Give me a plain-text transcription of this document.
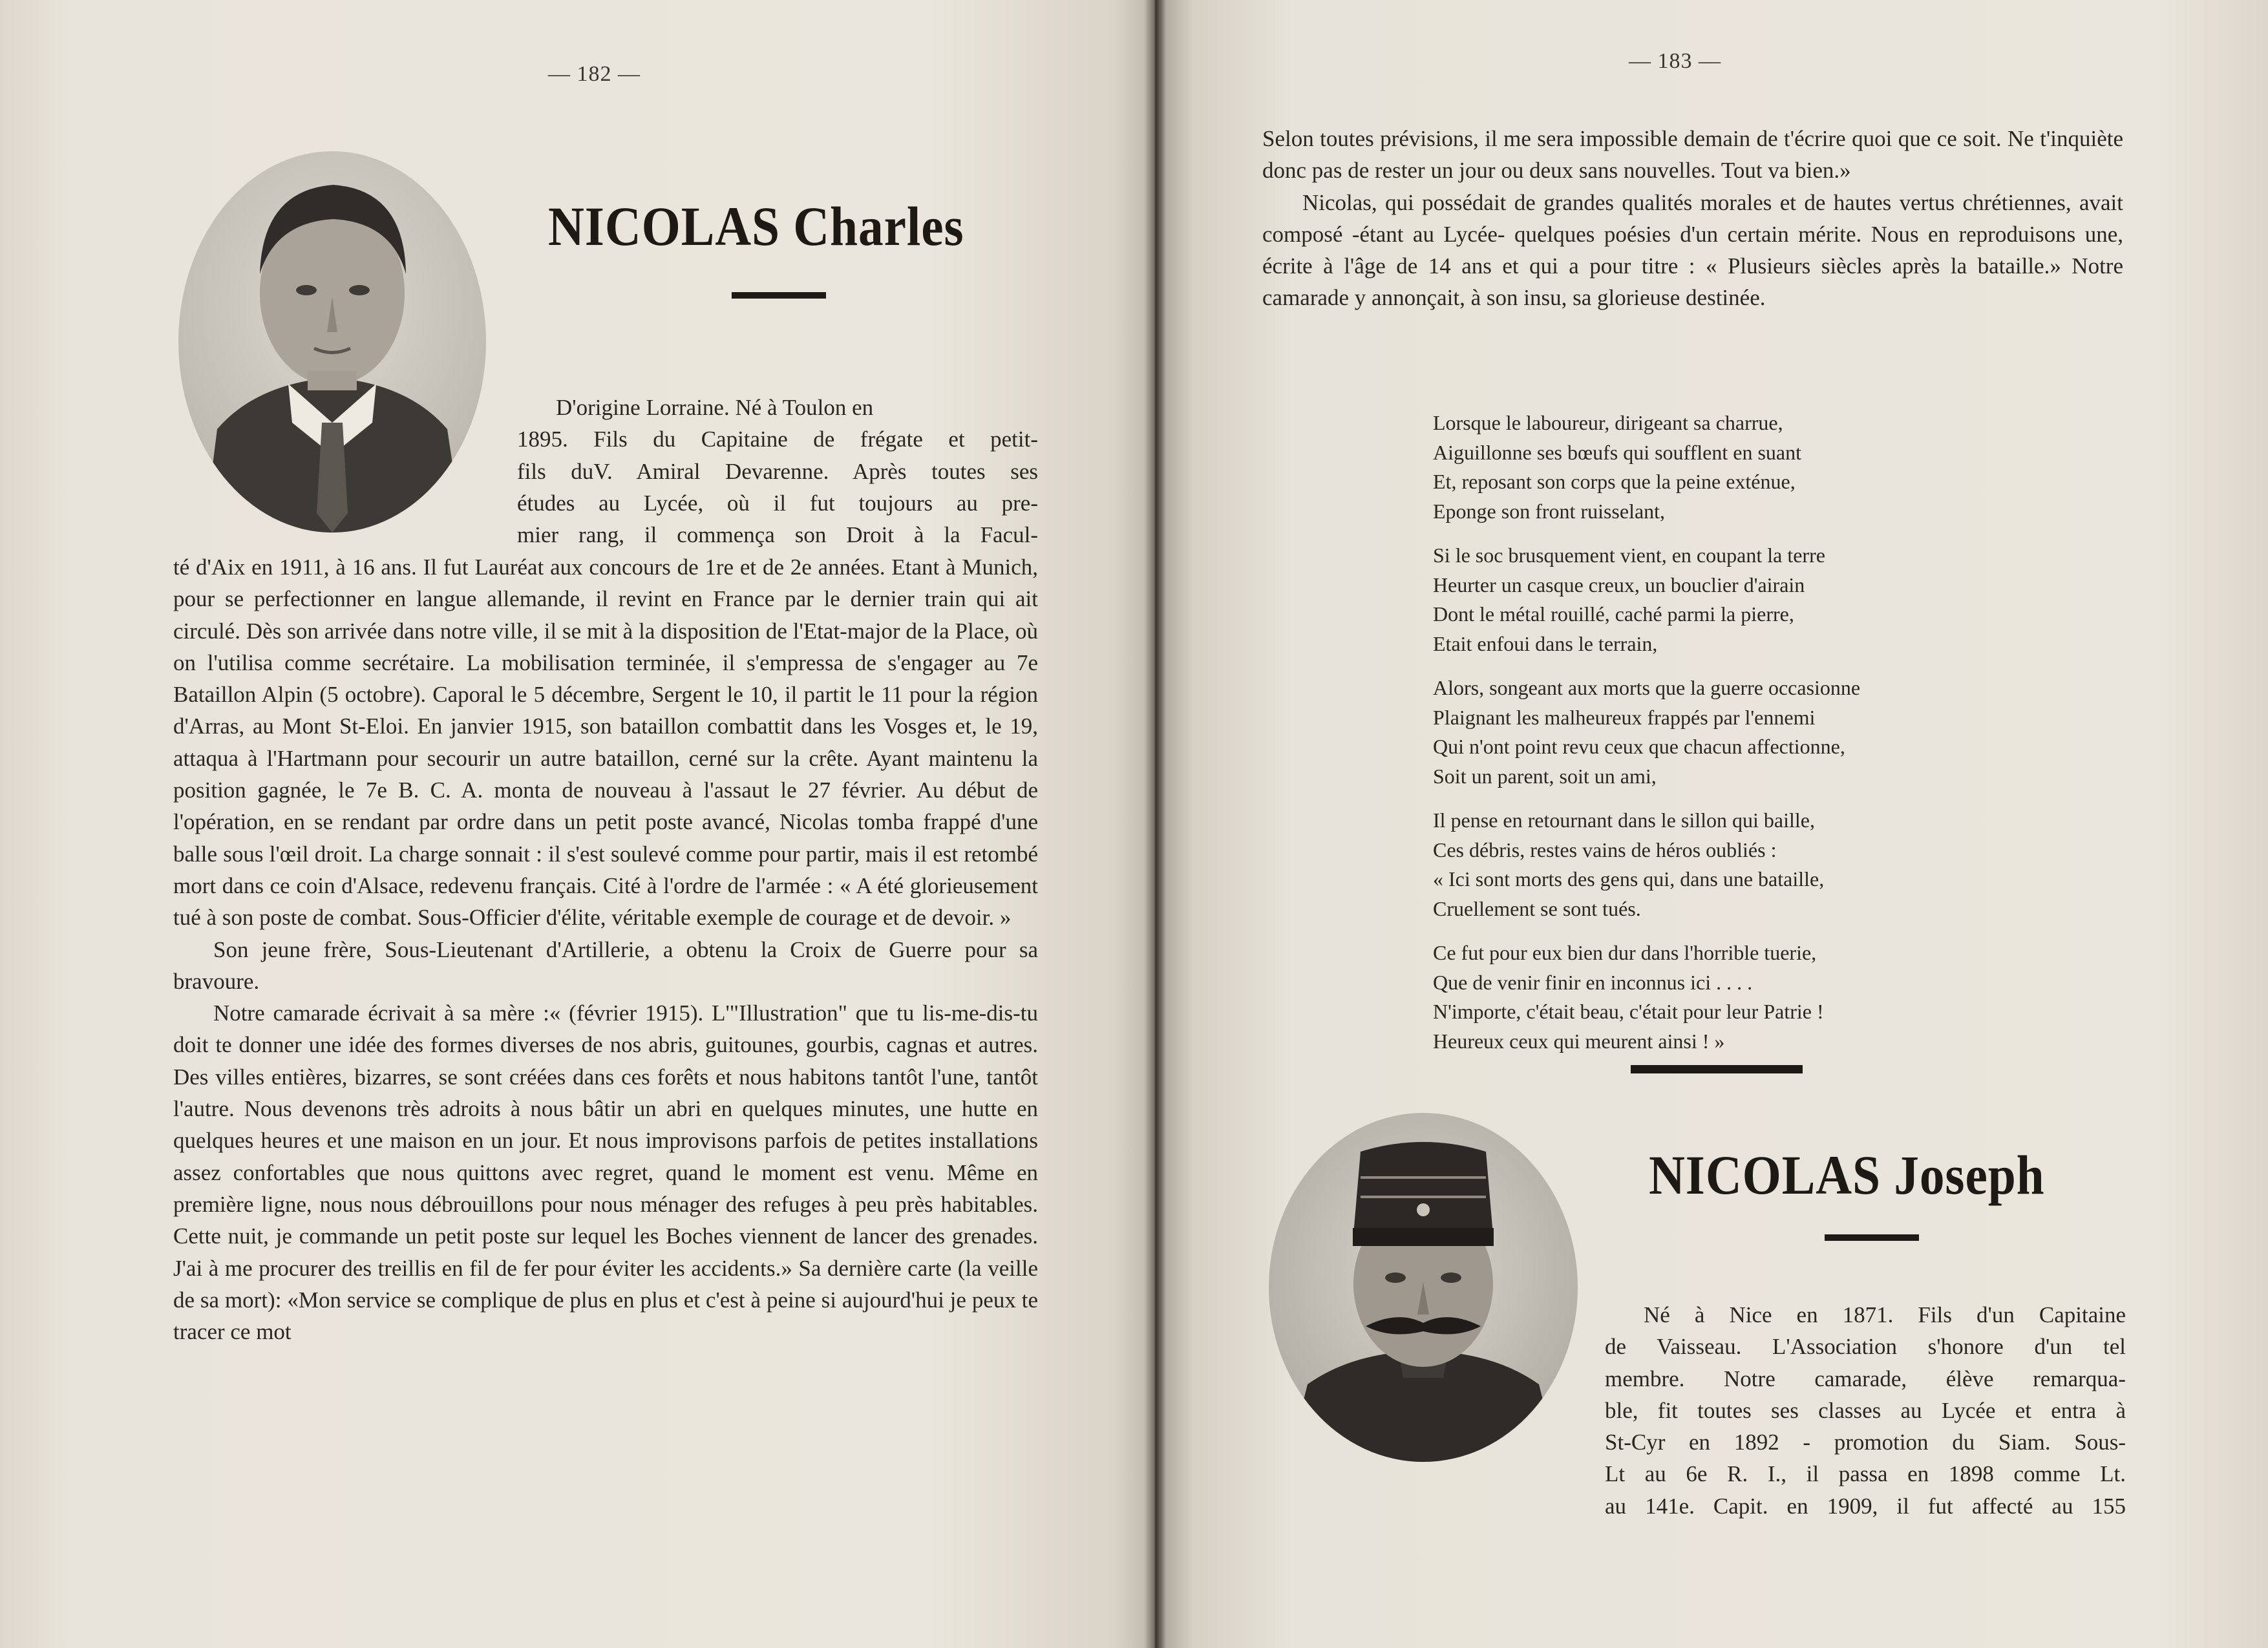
— 182 —
NICOLAS Charles
D'origine Lorraine. Né à Toulon en
1895. Fils du Capitaine de frégate et petit-
fils duV. Amiral Devarenne. Après toutes ses
études au Lycée, où il fut toujours au pre-
mier rang, il commença son Droit à la Facul-

té d'Aix en 1911, à 16 ans. Il fut Lauréat aux concours de 1re et de 2e années. Etant à Munich, pour se perfectionner en langue allemande, il revint en France par le dernier train qui ait circulé. Dès son arrivée dans notre ville, il se mit à la disposition de l'Etat-major de la Place, où on l'utilisa comme secrétaire. La mobilisation terminée, il s'empressa de s'engager au 7e Bataillon Alpin (5 octobre). Caporal le 5 décembre, Sergent le 10, il partit le 11 pour la région d'Arras, au Mont St-Eloi. En janvier 1915, son bataillon combattit dans les Vosges et, le 19, attaqua à l'Hartmann pour secourir un autre bataillon, cerné sur la crête. Ayant maintenu la position gagnée, le 7e B. C. A. monta de nouveau à l'assaut le 27 février. Au début de l'opération, en se rendant par ordre dans un petit poste avancé, Nicolas tomba frappé d'une balle sous l'œil droit. La charge sonnait : il s'est soulevé comme pour partir, mais il est retombé mort dans ce coin d'Alsace, redevenu français. Cité à l'ordre de l'armée : « A été glorieusement tué à son poste de combat. Sous-Officier d'élite, véritable exemple de courage et de devoir. »

Son jeune frère, Sous-Lieutenant d'Artillerie, a obtenu la Croix de Guerre pour sa bravoure.

Notre camarade écrivait à sa mère :« (février 1915). L'"Illustration" que tu lis-me-dis-tu doit te donner une idée des formes diverses de nos abris, guitounes, gourbis, cagnas et autres. Des villes entières, bizarres, se sont créées dans ces forêts et nous habitons tantôt l'une, tantôt l'autre. Nous devenons très adroits à nous bâtir un abri en quelques minutes, une hutte en quelques heures et une maison en un jour. Et nous improvisons parfois de petites installations assez confortables que nous quittons avec regret, quand le moment est venu. Même en première ligne, nous nous débrouillons pour nous ménager des refuges à peu près habitables. Cette nuit, je commande un petit poste sur lequel les Boches viennent de lancer des grenades. J'ai à me procurer des treillis en fil de fer pour éviter les accidents.» Sa dernière carte (la veille de sa mort): «Mon service se complique de plus en plus et c'est à peine si aujourd'hui je peux te tracer ce mot

— 183 —

Selon toutes prévisions, il me sera impossible demain de t'écrire quoi que ce soit. Ne t'inquiète donc pas de rester un jour ou deux sans nouvelles. Tout va bien.»

Nicolas, qui possédait de grandes qualités morales et de hautes vertus chrétiennes, avait composé -étant au Lycée- quelques poésies d'un certain mérite. Nous en reproduisons une, écrite à l'âge de 14 ans et qui a pour titre : « Plusieurs siècles après la bataille.» Notre camarade y annonçait, à son insu, sa glorieuse destinée.

Lorsque le laboureur, dirigeant sa charrue,
Aiguillonne ses bœufs qui soufflent en suant
Et, reposant son corps que la peine exténue,
Eponge son front ruisselant,
Si le soc brusquement vient, en coupant la terre
Heurter un casque creux, un bouclier d'airain
Dont le métal rouillé, caché parmi la pierre,
Etait enfoui dans le terrain,
Alors, songeant aux morts que la guerre occasionne
Plaignant les malheureux frappés par l'ennemi
Qui n'ont point revu ceux que chacun affectionne,
Soit un parent, soit un ami,
Il pense en retournant dans le sillon qui baille,
Ces débris, restes vains de héros oubliés :
« Ici sont morts des gens qui, dans une bataille,
Cruellement se sont tués.
Ce fut pour eux bien dur dans l'horrible tuerie,
Que de venir finir en inconnus ici . . . .
N'importe, c'était beau, c'était pour leur Patrie !
Heureux ceux qui meurent ainsi ! »
NICOLAS Joseph
Né à Nice en 1871. Fils d'un Capitaine
de Vaisseau. L'Association s'honore d'un tel
membre. Notre camarade, élève remarqua-
ble, fit toutes ses classes au Lycée et entra à
St-Cyr en 1892 - promotion du Siam. Sous-
Lt au 6e R. I., il passa en 1898 comme Lt.
au 141e. Capit. en 1909, il fut affecté au 155
